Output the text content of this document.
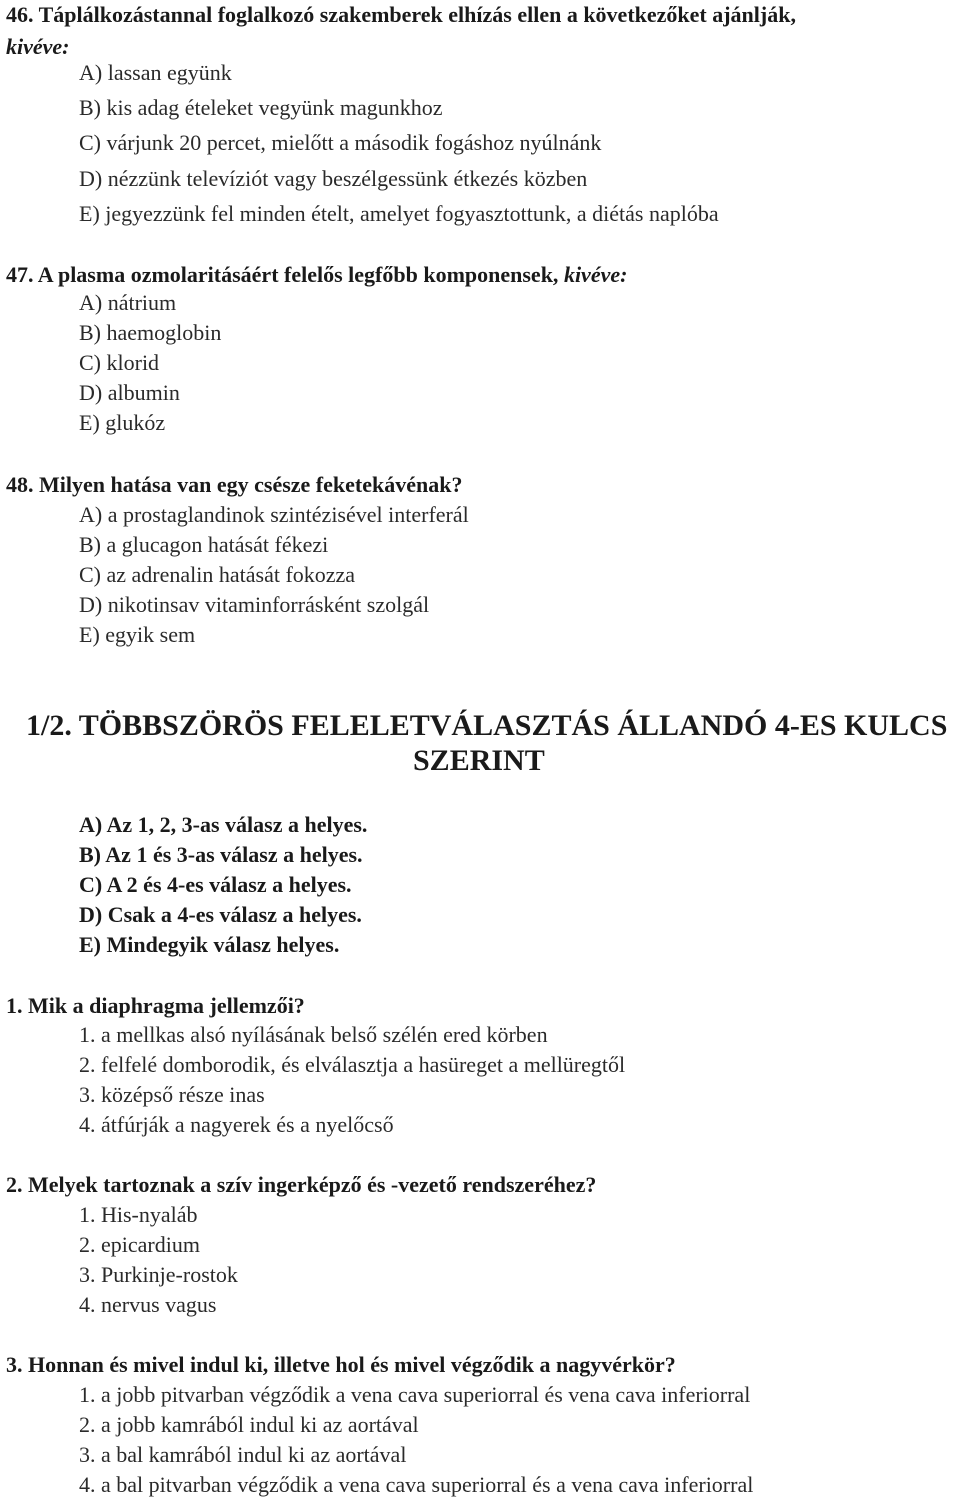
46. Táplálkozástannal foglalkozó szakemberek elhízás ellen a következőket ajánlják,
kivéve:
A) lassan együnk
B) kis adag ételeket vegyünk magunkhoz
C) várjunk 20 percet, mielőtt a második fogáshoz nyúlnánk
D) nézzünk televíziót vagy beszélgessünk étkezés közben
E) jegyezzünk fel minden ételt, amelyet fogyasztottunk, a diétás naplóba
47. A plasma ozmolaritásáért felelős legfőbb komponensek, kivéve:
A) nátrium
B) haemoglobin
C) klorid
D) albumin
E) glukóz
48. Milyen hatása van egy csésze feketekávénak?
A) a prostaglandinok szintézisével interferál
B) a glucagon hatását fékezi
C) az adrenalin hatását fokozza
D) nikotinsav vitaminforrásként szolgál
E) egyik sem
1/2. TÖBBSZÖRÖS FELELETVÁLASZTÁS ÁLLANDÓ 4-ES KULCS
SZERINT
A) Az 1, 2, 3-as válasz a helyes.
B) Az 1 és 3-as válasz a helyes.
C) A 2 és 4-es válasz a helyes.
D) Csak a 4-es válasz a helyes.
E) Mindegyik válasz helyes.
1. Mik a diaphragma jellemzői?
1. a mellkas alsó nyílásának belső szélén ered körben
2. felfelé domborodik, és elválasztja a hasüreget a mellüregtől
3. középső része inas
4. átfúrják a nagyerek és a nyelőcső
2. Melyek tartoznak a szív ingerképző és -vezető rendszeréhez?
1. His-nyaláb
2. epicardium
3. Purkinje-rostok
4. nervus vagus
3. Honnan és mivel indul ki, illetve hol és mivel végződik a nagyvérkör?
1. a jobb pitvarban végződik a vena cava superiorral és vena cava inferiorral
2. a jobb kamrából indul ki az aortával
3. a bal kamrából indul ki az aortával
4. a bal pitvarban végződik a vena cava superiorral és a vena cava inferiorral
